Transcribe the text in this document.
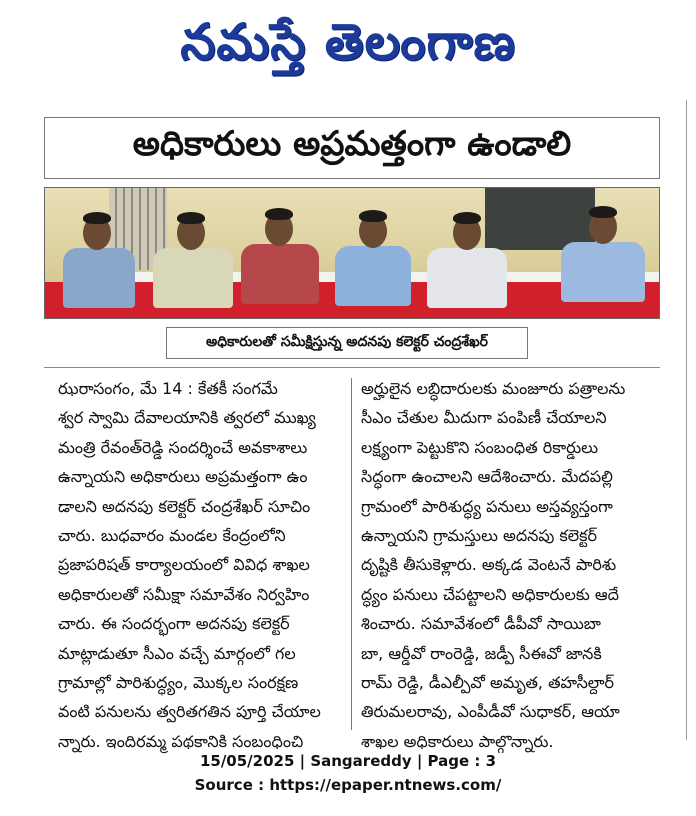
నమస్తే తెలంగాణ
అధికారులు అప్రమత్తంగా ఉండాలి
అధికారులతో సమీక్షిస్తున్న అదనపు కలెక్టర్ చంద్రశేఖర్
ఝరాసంగం, మే 14 : కేతకీ సంగమే
శ్వర స్వామి దేవాలయానికి త్వరలో ముఖ్య
మంత్రి రేవంత్‌రెడ్డి సందర్శించే అవకాశాలు
ఉన్నాయని అధికారులు అప్రమత్తంగా ఉం
డాలని అదనపు కలెక్టర్ చంద్రశేఖర్ సూచిం
చారు. బుధవారం మండల కేంద్రంలోని
ప్రజాపరిషత్ కార్యాలయంలో వివిధ శాఖల
అధికారులతో సమీక్షా సమావేశం నిర్వహిం
చారు. ఈ సందర్భంగా అదనపు కలెక్టర్
మాట్లాడుతూ సీఎం వచ్చే మార్గంలో గల
గ్రామాల్లో పారిశుద్ధ్యం, మొక్కల సంరక్షణ
వంటి పనులను త్వరితగతిన పూర్తి చేయాల
న్నారు. ఇందిరమ్మ పథకానికి సంబంధించి
అర్హులైన లబ్ధిదారులకు మంజూరు పత్రాలను
సీఎం చేతుల మీదుగా పంపిణీ చేయాలని
లక్ష్యంగా పెట్టుకొని సంబంధిత రికార్డులు
సిద్ధంగా ఉంచాలని ఆదేశించారు. మేదపల్లి
గ్రామంలో పారిశుద్ధ్య పనులు అస్తవ్యస్తంగా
ఉన్నాయని గ్రామస్తులు అదనపు కలెక్టర్
దృష్టికి తీసుకెళ్లారు. అక్కడ వెంటనే పారిశు
ద్ధ్యం పనులు చేపట్టాలని అధికారులకు ఆదే
శించారు. సమావేశంలో డీపీవో సాయిబా
బా, ఆర్డీవో రాంరెడ్డి, జడ్పీ సీఈవో జానకి
రామ్ రెడ్డి, డీఎల్పీవో అమృత, తహసీల్దార్
తిరుమలరావు, ఎంపీడీవో సుధాకర్, ఆయా
శాఖల అధికారులు పాల్గొన్నారు.
15/05/2025 | Sangareddy | Page : 3
Source : https://epaper.ntnews.com/
